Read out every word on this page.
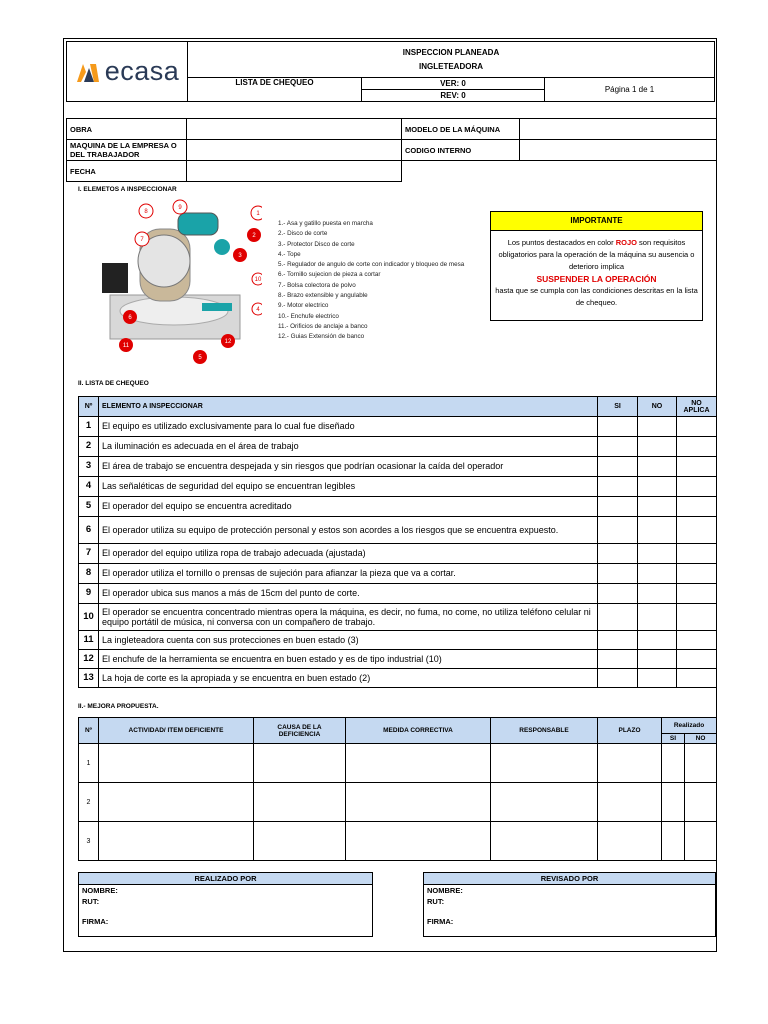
ecasa	INSPECCION PLANEADA
INGLETEADORA		

	LISTA DE CHEQUEO	VER: 0	Página 1 de 1
		REV: 0	
OBRA		MODELO DE LA MÁQUINA	
MAQUINA DE LA EMPRESA O DEL TRABAJADOR		CODIGO INTERNO	
FECHA			
I. ELEMETOS A INSPECCIONAR
9
8
7
1
10
4
2
3
6
11
12
5
1.- Asa y gatillo puesta en marcha
2.- Disco de corte
3.- Protector Disco de corte
4.- Tope
5.- Regulador de angulo de corte con indicador y bloqueo de mesa
6.- Tornillo sujecion de pieza a cortar
7.- Bolsa colectora de polvo
8.- Brazo extensible y angulable
9.- Motor electrico
10.- Enchufe electrico
11.- Orificios de anclaje a banco
12.- Guias Extensión de banco
IMPORTANTE
Los puntos destacados en color ROJO son requisitos obligatorios para la operación de la máquina su ausencia o deterioro implica
SUSPENDER LA OPERACIÓN
hasta que se cumpla con las condiciones descritas en la lista de chequeo.
II. LISTA DE CHEQUEO
Nº	ELEMENTO A INSPECCIONAR	SI	NO	NO APLICA
1	El equipo es utilizado exclusivamente para lo cual fue diseñado			
2	La iluminación es adecuada en el área de trabajo			
3	El área de trabajo se encuentra despejada y sin riesgos que podrían ocasionar la caída del operador			
4	Las señaléticas de seguridad del equipo se encuentran legibles			
5	El operador del equipo se encuentra acreditado			
6	El operador utiliza su equipo de protección personal y estos son acordes a los riesgos que se encuentra expuesto.			
7	El operador del equipo utiliza ropa de trabajo adecuada (ajustada)			
8	El operador utiliza el tornillo o prensas de sujeción para afianzar la pieza que va a cortar.			
9	El operador ubica sus manos a más de 15cm del punto de corte.			
10	El operador se encuentra concentrado mientras opera la máquina, es decir, no fuma, no come, no utiliza teléfono celular ni equipo portátil de música, ni conversa con un compañero de trabajo.			
11	La ingleteadora cuenta con sus protecciones en buen estado (3)			
12	El enchufe de la herramienta se encuentra en buen estado y es de tipo industrial (10)			
13	La hoja de corte es la apropiada y se encuentra en buen estado (2)			
II.- MEJORA PROPUESTA.
Nº	ACTIVIDAD/ ITEM DEFICIENTE	CAUSA DE LA DEFICIENCIA	MEDIDA CORRECTIVA	RESPONSABLE	PLAZO	Realizado	
						SI	NO
1							
2							
3							
REALIZADO POR
NOMBRE:
RUT:
FIRMA:
REVISADO POR
NOMBRE:
RUT:
FIRMA:
